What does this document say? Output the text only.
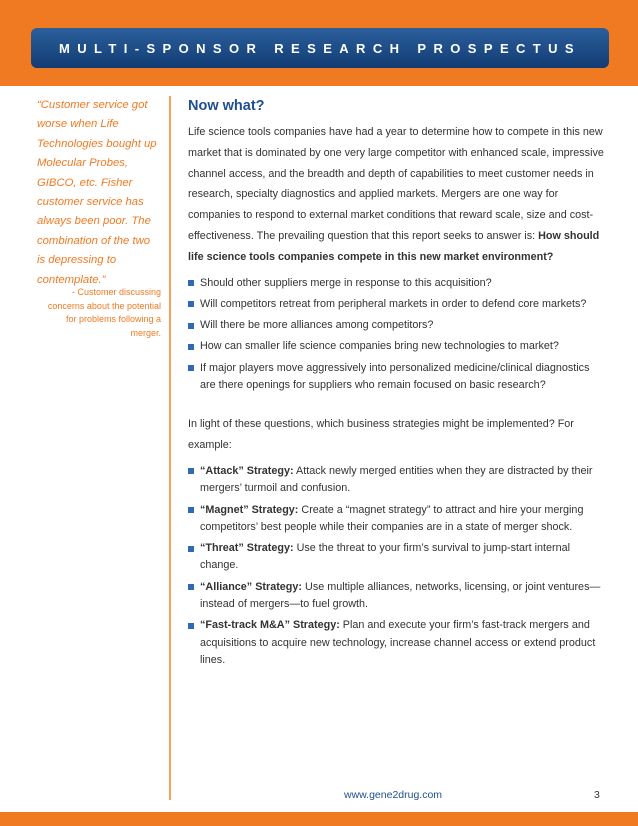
MULTI-SPONSOR RESEARCH PROSPECTUS
“Customer service got worse when Life Technologies bought up Molecular Probes, GIBCO, etc. Fisher customer service has always been poor. The combination of the two is depressing to contemplate.”
- Customer discussing concerns about the potential for problems following a merger.
Now what?

Life science tools companies have had a year to determine how to compete in this new market that is dominated by one very large competitor with enhanced scale, impressive channel access, and the breadth and depth of capabilities to meet customer needs in research, specialty diagnostics and applied markets. Mergers are one way for companies to respond to external market conditions that reward scale, size and cost-effectiveness. The prevailing question that this report seeks to answer is: How should life science tools companies compete in this new market environment?

Should other suppliers merge in response to this acquisition?
Will competitors retreat from peripheral markets in order to defend core markets?
Will there be more alliances among competitors?
How can smaller life science companies bring new technologies to market?
If major players move aggressively into personalized medicine/clinical diagnostics are there openings for suppliers who remain focused on basic research?

In light of these questions, which business strategies might be implemented? For example:

“Attack” Strategy: Attack newly merged entities when they are distracted by their mergers’ turmoil and confusion.
“Magnet” Strategy: Create a “magnet strategy” to attract and hire your merging competitors’ best people while their companies are in a state of merger shock.
“Threat” Strategy: Use the threat to your firm’s survival to jump-start internal change.
“Alliance” Strategy: Use multiple alliances, networks, licensing, or joint ventures—instead of mergers—to fuel growth.
“Fast-track M&A” Strategy: Plan and execute your firm’s fast-track mergers and acquisitions to acquire new technology, increase channel access or extend product lines.
www.gene2drug.com	3
